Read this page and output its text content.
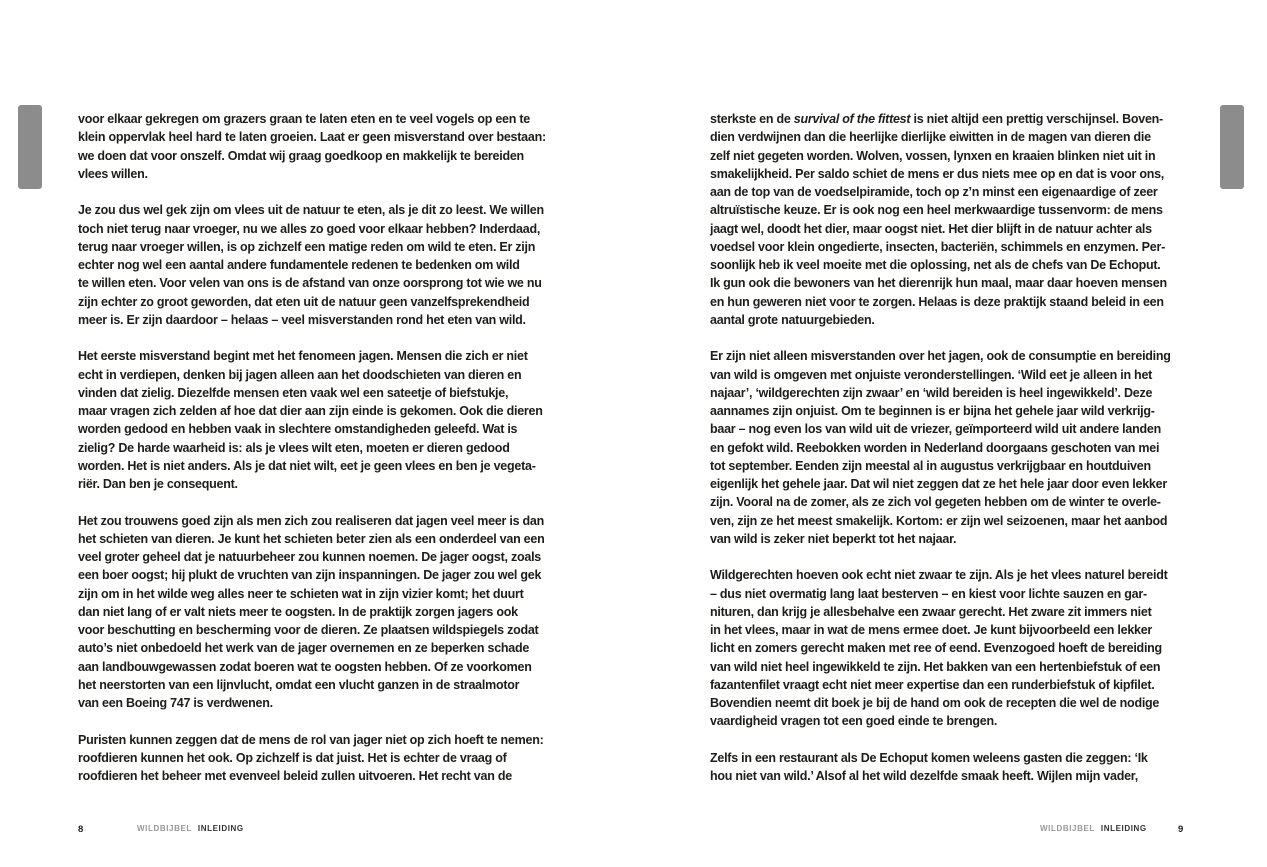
voor elkaar gekregen om grazers graan te laten eten en te veel vogels op een te
klein oppervlak heel hard te laten groeien. Laat er geen misverstand over bestaan:
we doen dat voor onszelf. Omdat wij graag goedkoop en makkelijk te bereiden
vlees willen.

Je zou dus wel gek zijn om vlees uit de natuur te eten, als je dit zo leest. We willen
toch niet terug naar vroeger, nu we alles zo goed voor elkaar hebben? Inderdaad,
terug naar vroeger willen, is op zichzelf een matige reden om wild te eten. Er zijn
echter nog wel een aantal andere fundamentele redenen te bedenken om wild
te willen eten. Voor velen van ons is de afstand van onze oorsprong tot wie we nu
zijn echter zo groot geworden, dat eten uit de natuur geen vanzelfsprekendheid
meer is. Er zijn daardoor – helaas – veel misverstanden rond het eten van wild.

Het eerste misverstand begint met het fenomeen jagen. Mensen die zich er niet
echt in verdiepen, denken bij jagen alleen aan het doodschieten van dieren en
vinden dat zielig. Diezelfde mensen eten vaak wel een sateetje of biefstukje,
maar vragen zich zelden af hoe dat dier aan zijn einde is gekomen. Ook die dieren
worden gedood en hebben vaak in slechtere omstandigheden geleefd. Wat is
zielig? De harde waarheid is: als je vlees wilt eten, moeten er dieren gedood
worden. Het is niet anders. Als je dat niet wilt, eet je geen vlees en ben je vegeta-
riër. Dan ben je consequent.

Het zou trouwens goed zijn als men zich zou realiseren dat jagen veel meer is dan
het schieten van dieren. Je kunt het schieten beter zien als een onderdeel van een
veel groter geheel dat je natuurbeheer zou kunnen noemen. De jager oogst, zoals
een boer oogst; hij plukt de vruchten van zijn inspanningen. De jager zou wel gek
zijn om in het wilde weg alles neer te schieten wat in zijn vizier komt; het duurt
dan niet lang of er valt niets meer te oogsten. In de praktijk zorgen jagers ook
voor beschutting en bescherming voor de dieren. Ze plaatsen wildspiegels zodat
auto’s niet onbedoeld het werk van de jager overnemen en ze beperken schade
aan landbouwgewassen zodat boeren wat te oogsten hebben. Of ze voorkomen
het neerstorten van een lijnvlucht, omdat een vlucht ganzen in de straalmotor
van een Boeing 747 is verdwenen.

Puristen kunnen zeggen dat de mens de rol van jager niet op zich hoeft te nemen:
roofdieren kunnen het ook. Op zichzelf is dat juist. Het is echter de vraag of
roofdieren het beheer met evenveel beleid zullen uitvoeren. Het recht van de

sterkste en de survival of the fittest is niet altijd een prettig verschijnsel. Boven-
dien verdwijnen dan die heerlijke dierlijke eiwitten in de magen van dieren die
zelf niet gegeten worden. Wolven, vossen, lynxen en kraaien blinken niet uit in
smakelijkheid. Per saldo schiet de mens er dus niets mee op en dat is voor ons,
aan de top van de voedselpiramide, toch op z’n minst een eigenaardige of zeer
altruïstische keuze. Er is ook nog een heel merkwaardige tussenvorm: de mens
jaagt wel, doodt het dier, maar oogst niet. Het dier blijft in de natuur achter als
voedsel voor klein ongedierte, insecten, bacteriën, schimmels en enzymen. Per-
soonlijk heb ik veel moeite met die oplossing, net als de chefs van De Echoput.
Ik gun ook die bewoners van het dierenrijk hun maal, maar daar hoeven mensen
en hun geweren niet voor te zorgen. Helaas is deze praktijk staand beleid in een
aantal grote natuurgebieden.

Er zijn niet alleen misverstanden over het jagen, ook de consumptie en bereiding
van wild is omgeven met onjuiste veronderstellingen. ‘Wild eet je alleen in het
najaar’, ‘wildgerechten zijn zwaar’ en ‘wild bereiden is heel ingewikkeld’. Deze
aannames zijn onjuist. Om te beginnen is er bijna het gehele jaar wild verkrijg-
baar – nog even los van wild uit de vriezer, geïmporteerd wild uit andere landen
en gefokt wild. Reebokken worden in Nederland doorgaans geschoten van mei
tot september. Eenden zijn meestal al in augustus verkrijgbaar en houtduiven
eigenlijk het gehele jaar. Dat wil niet zeggen dat ze het hele jaar door even lekker
zijn. Vooral na de zomer, als ze zich vol gegeten hebben om de winter te overle-
ven, zijn ze het meest smakelijk. Kortom: er zijn wel seizoenen, maar het aanbod
van wild is zeker niet beperkt tot het najaar.

Wildgerechten hoeven ook echt niet zwaar te zijn. Als je het vlees naturel bereidt
– dus niet overmatig lang laat besterven – en kiest voor lichte sauzen en gar-
nituren, dan krijg je allesbehalve een zwaar gerecht. Het zware zit immers niet
in het vlees, maar in wat de mens ermee doet. Je kunt bijvoorbeeld een lekker
licht en zomers gerecht maken met ree of eend. Evenzogoed hoeft de bereiding
van wild niet heel ingewikkeld te zijn. Het bakken van een hertenbiefstuk of een
fazantenfilet vraagt echt niet meer expertise dan een runderbiefstuk of kipfilet.
Bovendien neemt dit boek je bij de hand om ook de recepten die wel de nodige
vaardigheid vragen tot een goed einde te brengen.

Zelfs in een restaurant als De Echoput komen weleens gasten die zeggen: ‘Ik
hou niet van wild.’ Alsof al het wild dezelfde smaak heeft. Wijlen mijn vader,

8	WILDBIJBEL INLEIDING	WILDBIJBEL INLEIDING	9
